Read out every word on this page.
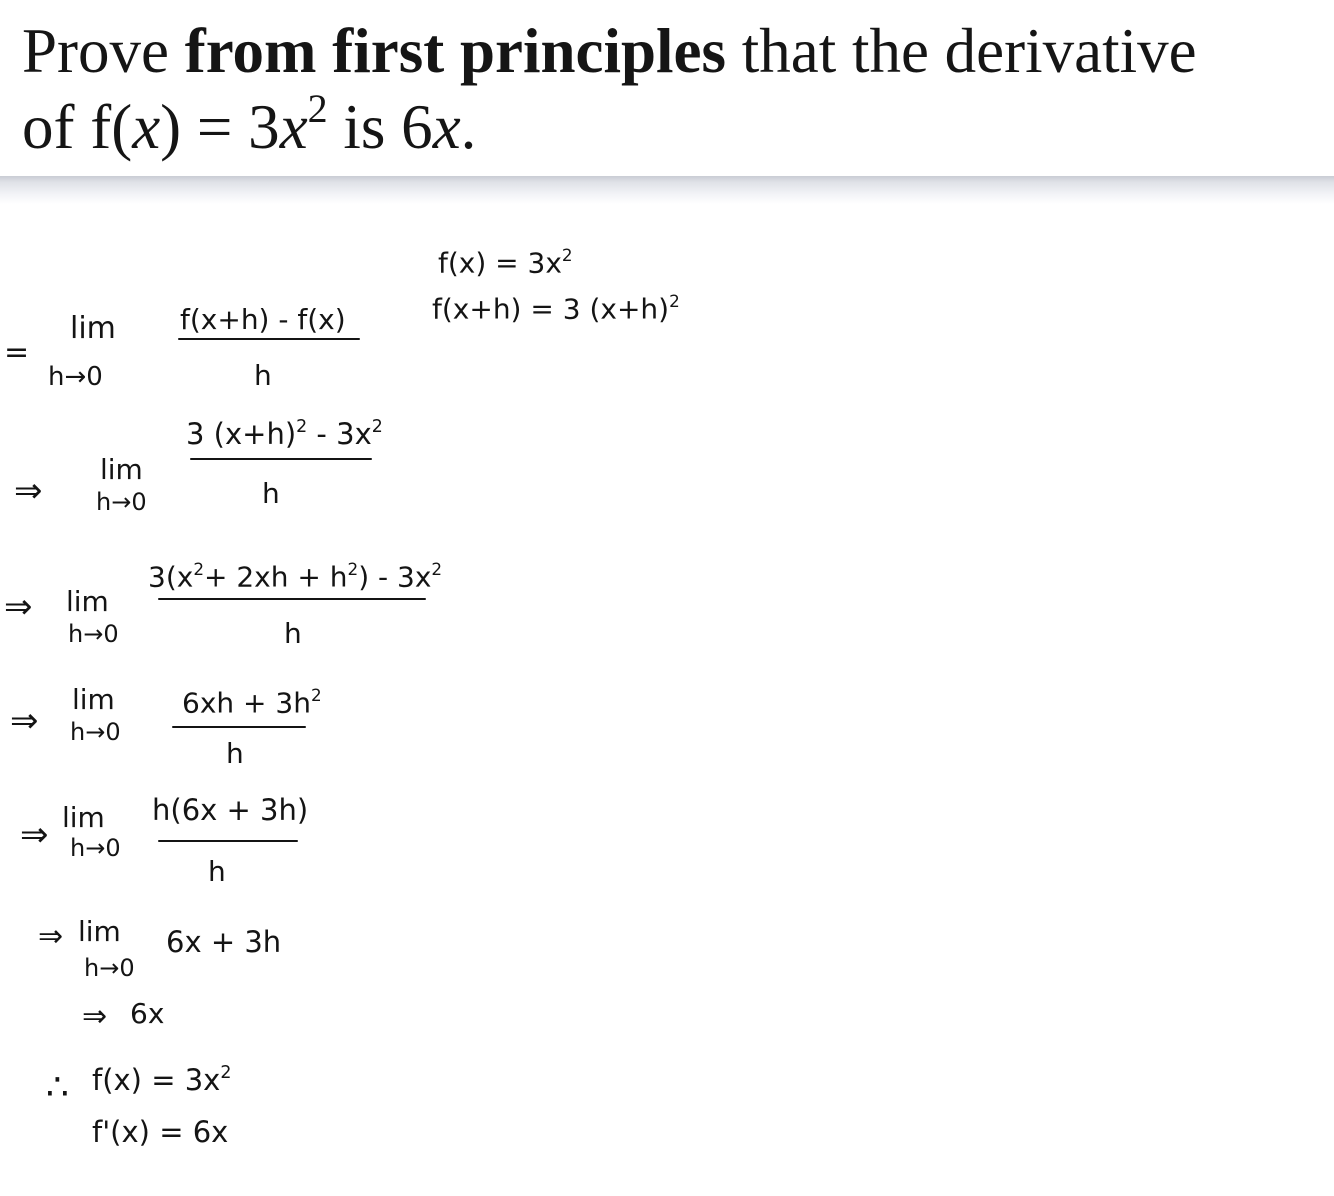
Prove from first principles that the derivative

of $f(x) = 3x^2$ is 6x.

$f(x) = 3x^2$

f(x+h) = 3 $(x+h)^2$

=

lim

h→0

f(x+h) - f(x)

h

⇒

lim

h→0

3 $(x+h)^2 - 3x^2$

h

⇒ lim

h→0

$3(x^2+ 2xh + h^2) - 3x^2$

h

⇒

lim

h→0

$6xh + 3h^2$

h

⇒ lim

h→0

h(6x + 3h)

h

⇒ lim

h→0

6x + 3h

⇒ 6x

∴ $f(x) = 3x^2$

f'(x) = 6x
